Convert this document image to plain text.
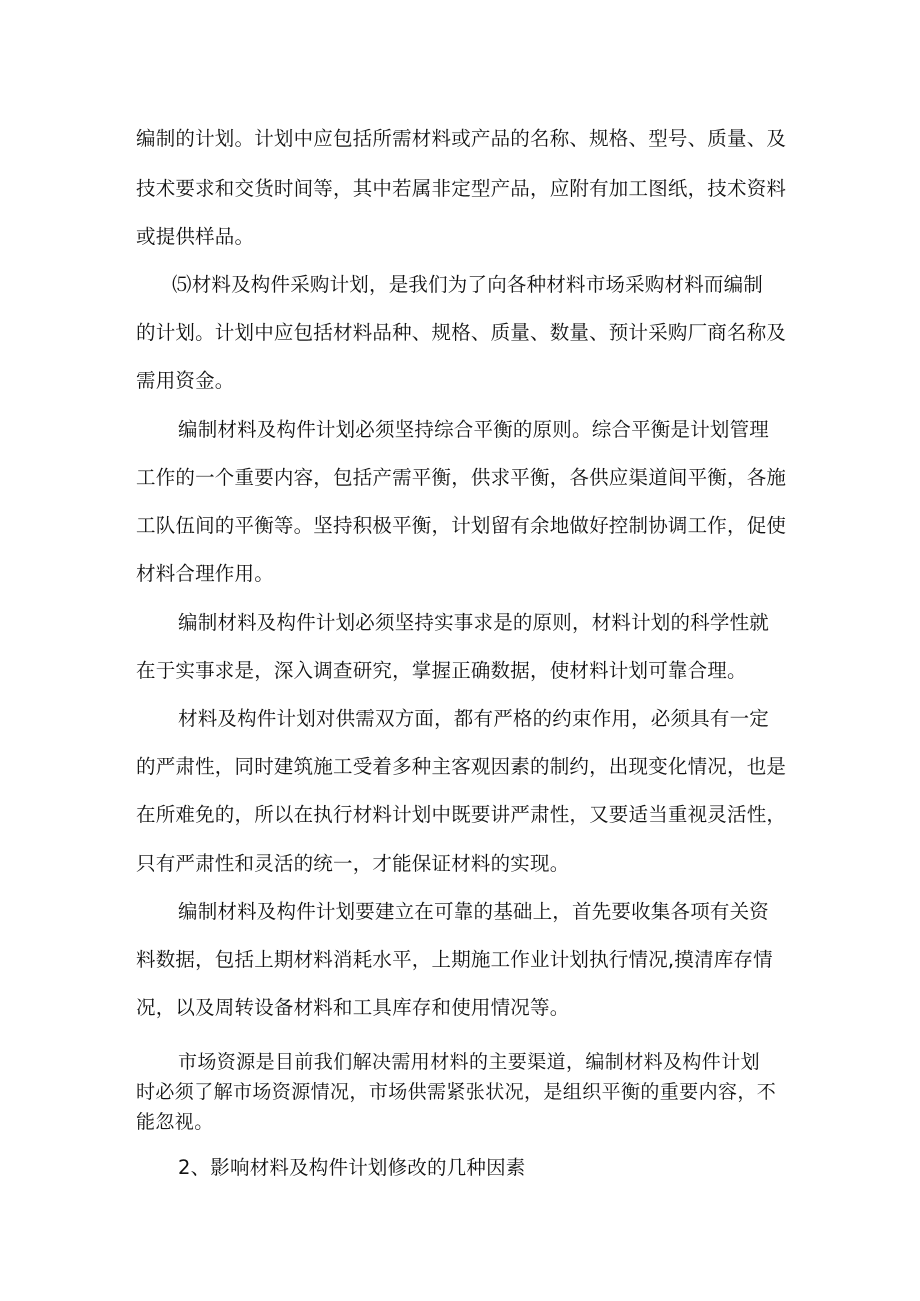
编制的计划。计划中应包括所需材料或产品的名称、规格、型号、质量、及
技术要求和交货时间等，其中若属非定型产品，应附有加工图纸，技术资料
或提供样品。
⑸材料及构件采购计划，是我们为了向各种材料市场采购材料而编制
的计划。计划中应包括材料品种、规格、质量、数量、预计采购厂商名称及
需用资金。
编制材料及构件计划必须坚持综合平衡的原则。综合平衡是计划管理
工作的一个重要内容，包括产需平衡，供求平衡，各供应渠道间平衡，各施
工队伍间的平衡等。坚持积极平衡，计划留有余地做好控制协调工作，促使
材料合理作用。
编制材料及构件计划必须坚持实事求是的原则，材料计划的科学性就
在于实事求是，深入调查研究，掌握正确数据，使材料计划可靠合理。
材料及构件计划对供需双方面，都有严格的约束作用，必须具有一定
的严肃性，同时建筑施工受着多种主客观因素的制约，出现变化情况，也是
在所难免的，所以在执行材料计划中既要讲严肃性，又要适当重视灵活性，
只有严肃性和灵活的统一，才能保证材料的实现。
编制材料及构件计划要建立在可靠的基础上，首先要收集各项有关资
料数据，包括上期材料消耗水平，上期施工作业计划执行情况,摸清库存情
况，以及周转设备材料和工具库存和使用情况等。
市场资源是目前我们解决需用材料的主要渠道，编制材料及构件计划
时必须了解市场资源情况，市场供需紧张状况，是组织平衡的重要内容，不
能忽视。
2、影响材料及构件计划修改的几种因素
